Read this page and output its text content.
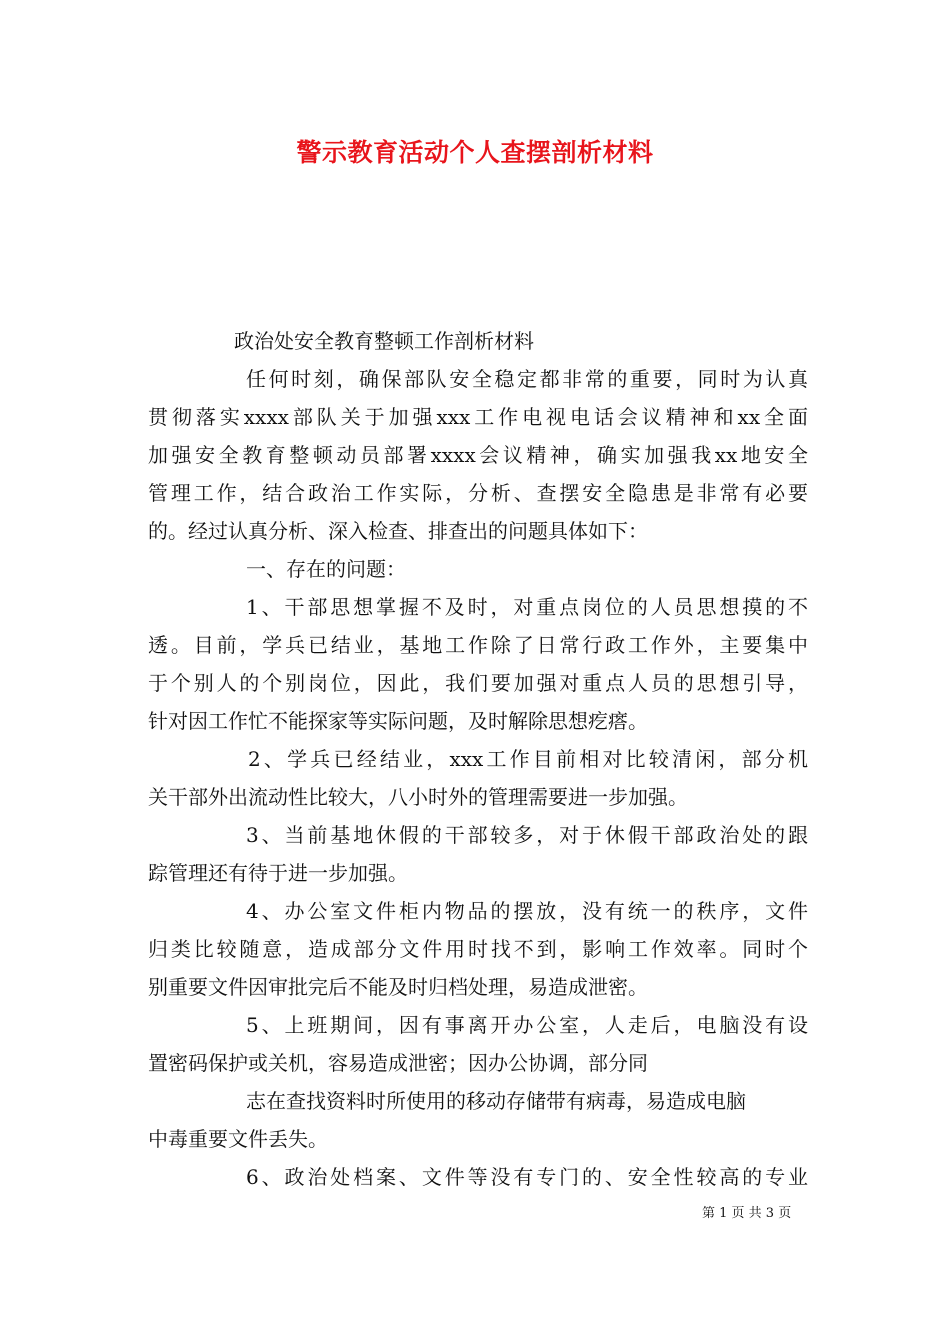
警示教育活动个人查摆剖析材料
政治处安全教育整顿工作剖析材料
任何时刻，确保部队安全稳定都非常的重要，同时为认真
贯彻落实xxxx部队关于加强xxx工作电视电话会议精神和xx全面
加强安全教育整顿动员部署xxxx会议精神，确实加强我xx地安全
管理工作，结合政治工作实际，分析、查摆安全隐患是非常有必要
的。经过认真分析、深入检查、排查出的问题具体如下：
一、存在的问题：
1、干部思想掌握不及时，对重点岗位的人员思想摸的不
透。目前，学兵已结业，基地工作除了日常行政工作外，主要集中
于个别人的个别岗位，因此，我们要加强对重点人员的思想引导，
针对因工作忙不能探家等实际问题，及时解除思想疙瘩。
2、学兵已经结业，xxx工作目前相对比较清闲，部分机
关干部外出流动性比较大，八小时外的管理需要进一步加强。
3、当前基地休假的干部较多，对于休假干部政治处的跟
踪管理还有待于进一步加强。
4、办公室文件柜内物品的摆放，没有统一的秩序，文件
归类比较随意，造成部分文件用时找不到，影响工作效率。同时个
别重要文件因审批完后不能及时归档处理，易造成泄密。
5、上班期间，因有事离开办公室，人走后，电脑没有设
置密码保护或关机，容易造成泄密；因办公协调，部分同
志在查找资料时所使用的移动存储带有病毒，易造成电脑
中毒重要文件丢失。
6、政治处档案、文件等没有专门的、安全性较高的专业
第 1 页 共 3 页
